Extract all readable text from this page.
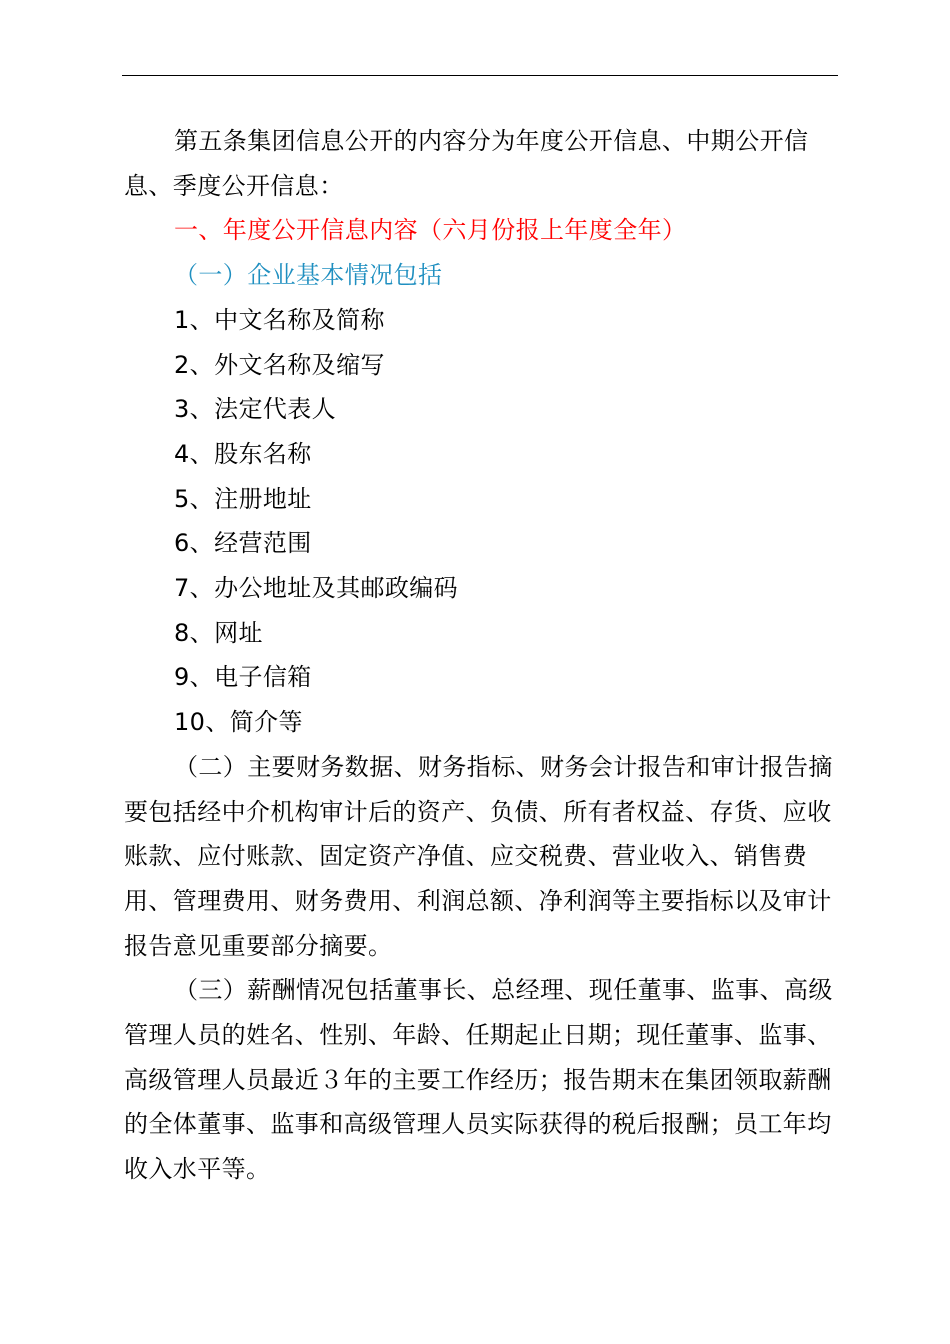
第五条集团信息公开的内容分为年度公开信息、中期公开信息、季度公开信息：

一、年度公开信息内容（六月份报上年度全年）

（一）企业基本情况包括

1、中文名称及简称

2、外文名称及缩写

3、法定代表人

4、股东名称

5、注册地址

6、经营范围

7、办公地址及其邮政编码

8、网址

9、电子信箱

10、简介等

（二）主要财务数据、财务指标、财务会计报告和审计报告摘要包括经中介机构审计后的资产、负债、所有者权益、存货、应收账款、应付账款、固定资产净值、应交税费、营业收入、销售费用、管理费用、财务费用、利润总额、净利润等主要指标以及审计报告意见重要部分摘要。

（三）薪酬情况包括董事长、总经理、现任董事、监事、高级管理人员的姓名、性别、年龄、任期起止日期；现任董事、监事、高级管理人员最近３年的主要工作经历；报告期末在集团领取薪酬的全体董事、监事和高级管理人员实际获得的税后报酬；员工年均收入水平等。
